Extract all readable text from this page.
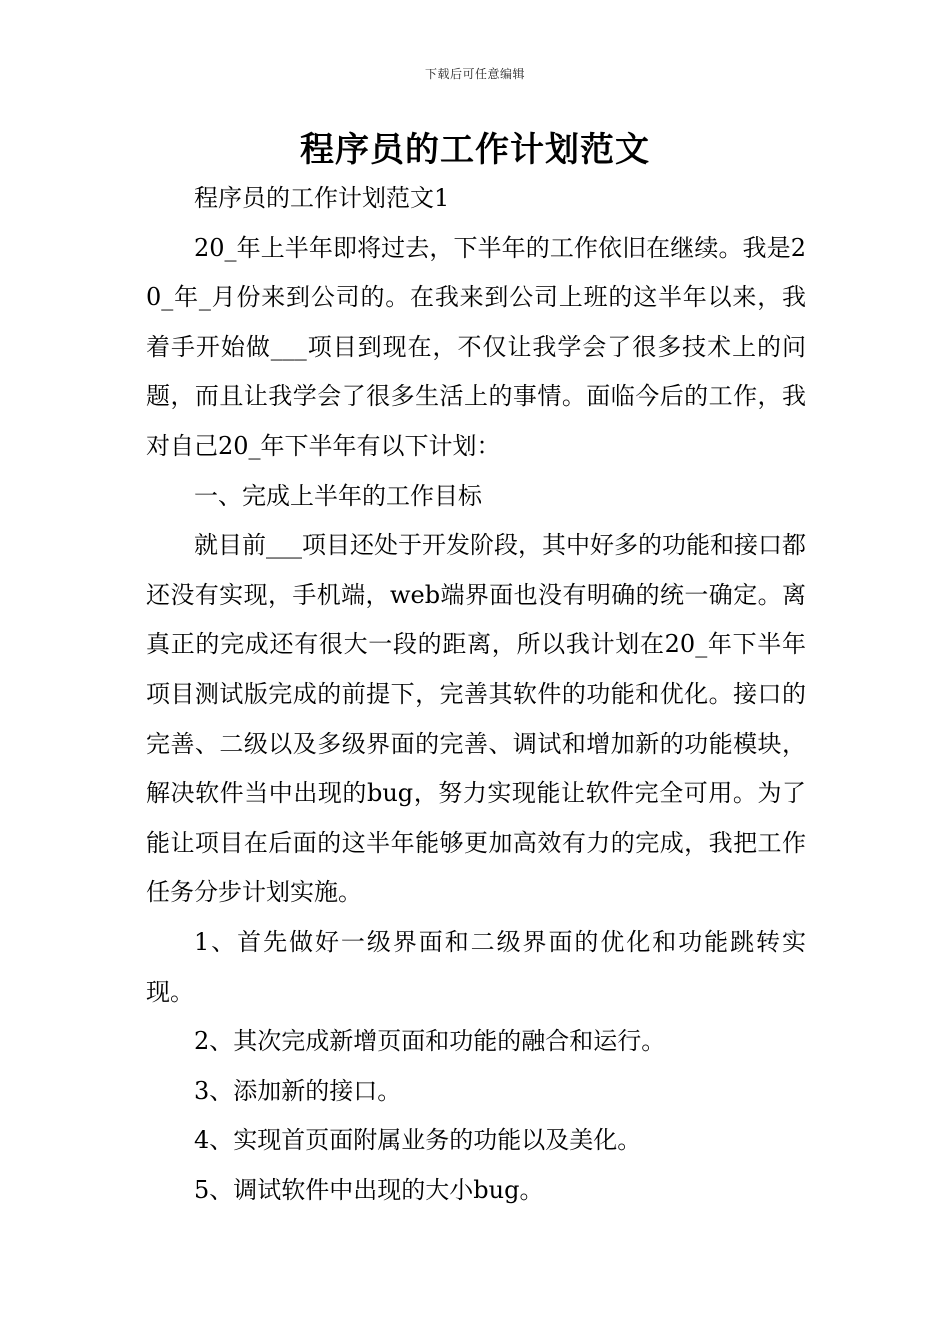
下载后可任意编辑
程序员的工作计划范文

程序员的工作计划范文1

20_年上半年即将过去，下半年的工作依旧在继续。我是20_年_月份来到公司的。在我来到公司上班的这半年以来，我着手开始做___项目到现在，不仅让我学会了很多技术上的问题，而且让我学会了很多生活上的事情。面临今后的工作，我对自己20_年下半年有以下计划：

一、完成上半年的工作目标

就目前___项目还处于开发阶段，其中好多的功能和接口都还没有实现，手机端，web端界面也没有明确的统一确定。离真正的完成还有很大一段的距离，所以我计划在20_年下半年项目测试版完成的前提下，完善其软件的功能和优化。接口的完善、二级以及多级界面的完善、调试和增加新的功能模块，解决软件当中出现的bug，努力实现能让软件完全可用。为了能让项目在后面的这半年能够更加高效有力的完成，我把工作任务分步计划实施。

1、首先做好一级界面和二级界面的优化和功能跳转实现。

2、其次完成新增页面和功能的融合和运行。

3、添加新的接口。

4、实现首页面附属业务的功能以及美化。

5、调试软件中出现的大小bug。
